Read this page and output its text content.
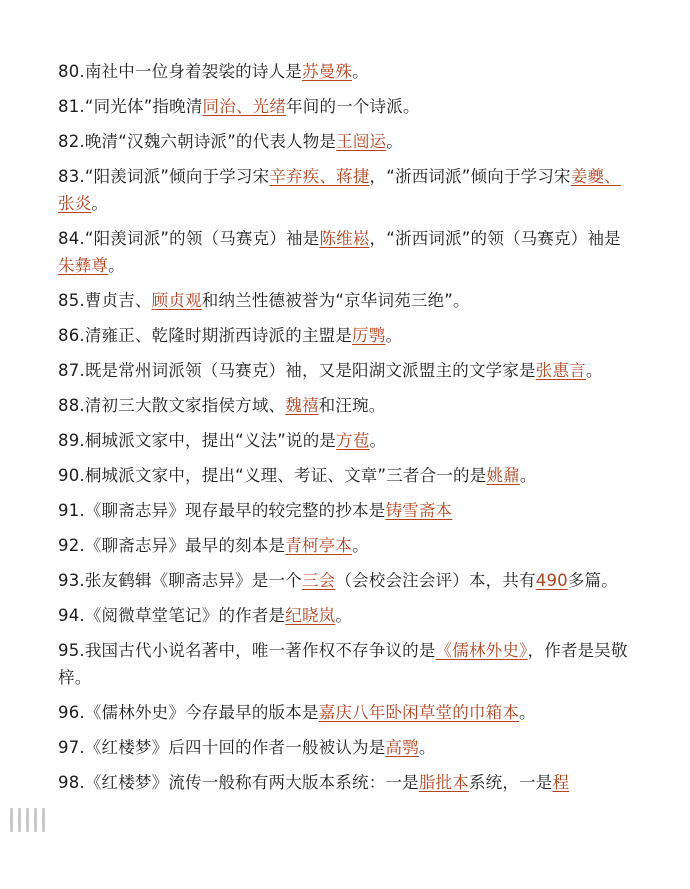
80.南社中一位身着袈裟的诗人是苏曼殊。
81.“同光体”指晚清同治、光绪年间的一个诗派。
82.晚清“汉魏六朝诗派”的代表人物是王闿运。
83.“阳羡词派”倾向于学习宋辛弃疾、蒋捷，“浙西词派”倾向于学习宋姜夔、张炎。
84.“阳羡词派”的领（马赛克）袖是陈维崧，“浙西词派”的领（马赛克）袖是朱彝尊。
85.曹贞吉、顾贞观和纳兰性德被誉为“京华词苑三绝”。
86.清雍正、乾隆时期浙西诗派的主盟是厉鹗。
87.既是常州词派领（马赛克）袖，又是阳湖文派盟主的文学家是张惠言。
88.清初三大散文家指侯方域、魏禧和汪琬。
89.桐城派文家中，提出“义法”说的是方苞。
90.桐城派文家中，提出“义理、考证、文章”三者合一的是姚鼐。
91.《聊斋志异》现存最早的较完整的抄本是铸雪斋本
92.《聊斋志异》最早的刻本是青柯亭本。
93.张友鹤辑《聊斋志异》是一个三会（会校会注会评）本，共有490多篇。
94.《阅微草堂笔记》的作者是纪晓岚。
95.我国古代小说名著中，唯一著作权不存争议的是《儒林外史》，作者是吴敬梓。
96.《儒林外史》今存最早的版本是嘉庆八年卧闲草堂的巾箱本。
97.《红楼梦》后四十回的作者一般被认为是高鹗。
98.《红楼梦》流传一般称有两大版本系统：一是脂批本系统，一是程
